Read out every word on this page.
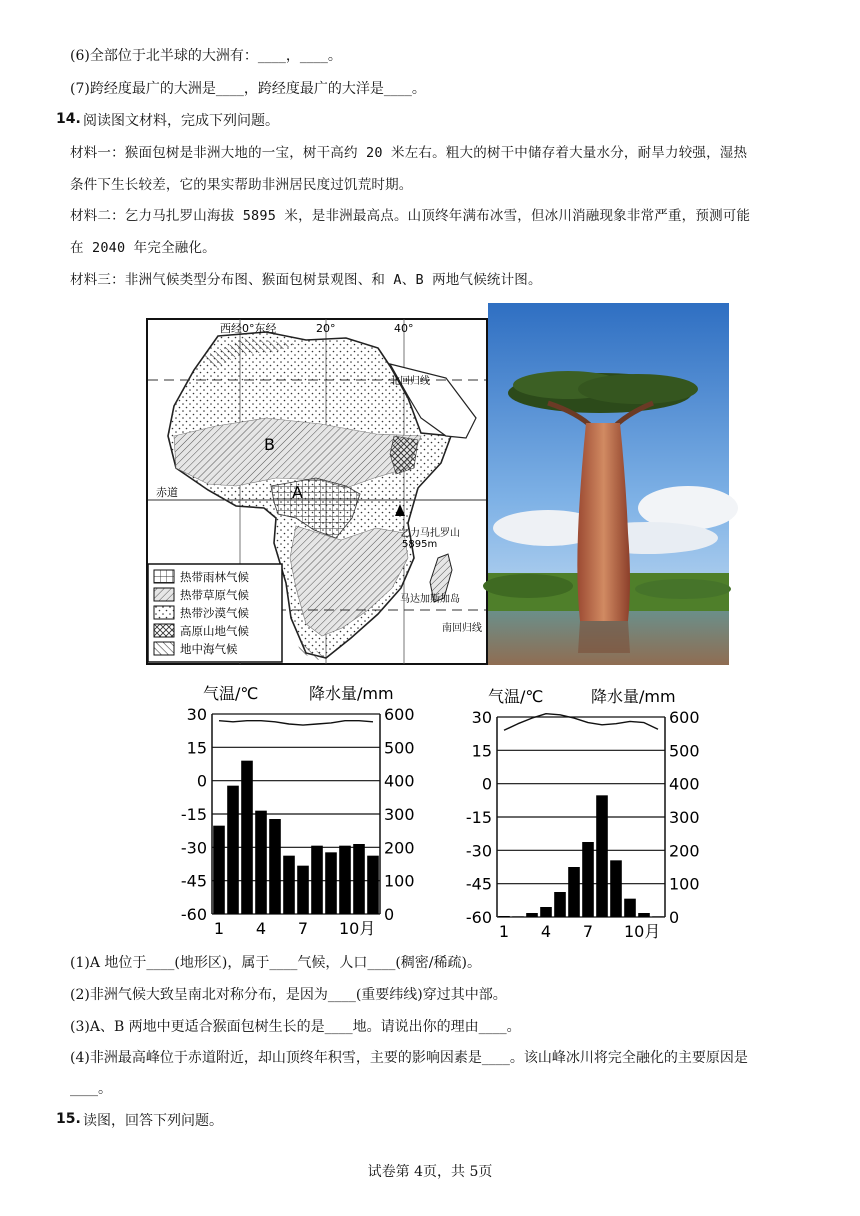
(6)全部位于北半球的大洲有：____，____。
(7)跨经度最广的大洲是____，跨经度最广的大洋是____。
14. 阅读图文材料，完成下列问题。
材料一：猴面包树是非洲大地的一宝，树干高约 20 米左右。粗大的树干中储存着大量水分，耐旱力较强，湿热
条件下生长较差，它的果实帮助非洲居民度过饥荒时期。
材料二：乞力马扎罗山海拔 5895 米，是非洲最高点。山顶终年满布冰雪，但冰川消融现象非常严重，预测可能
在 2040 年完全融化。
材料三：非洲气候类型分布图、猴面包树景观图、和 A、B 两地气候统计图。
西经0°东经	20°	40°
北回归线
赤道
南回归线
B
A
乞力马扎罗山
5895m
马达加斯加岛
热带雨林气候
热带草原气候
热带沙漠气候
高原山地气候
地中海气候
气温/℃	降水量/mm
30	600
15	500
0	400
-15	300
-30	200
-45	100
-60	0
1 4 7 10月
气温/℃	降水量/mm
30	600
15	500
0	400
-15	300
-30	200
-45	100
-60	0
1 4 7 10月
(1)A 地位于____(地形区)，属于____气候，人口____(稠密/稀疏)。
(2)非洲气候大致呈南北对称分布，是因为____(重要纬线)穿过其中部。
(3)A、B 两地中更适合猴面包树生长的是____地。请说出你的理由____。
(4)非洲最高峰位于赤道附近，却山顶终年积雪，主要的影响因素是____。该山峰冰川将完全融化的主要原因是
____。
15. 读图，回答下列问题。
试卷第 4页，共 5页
